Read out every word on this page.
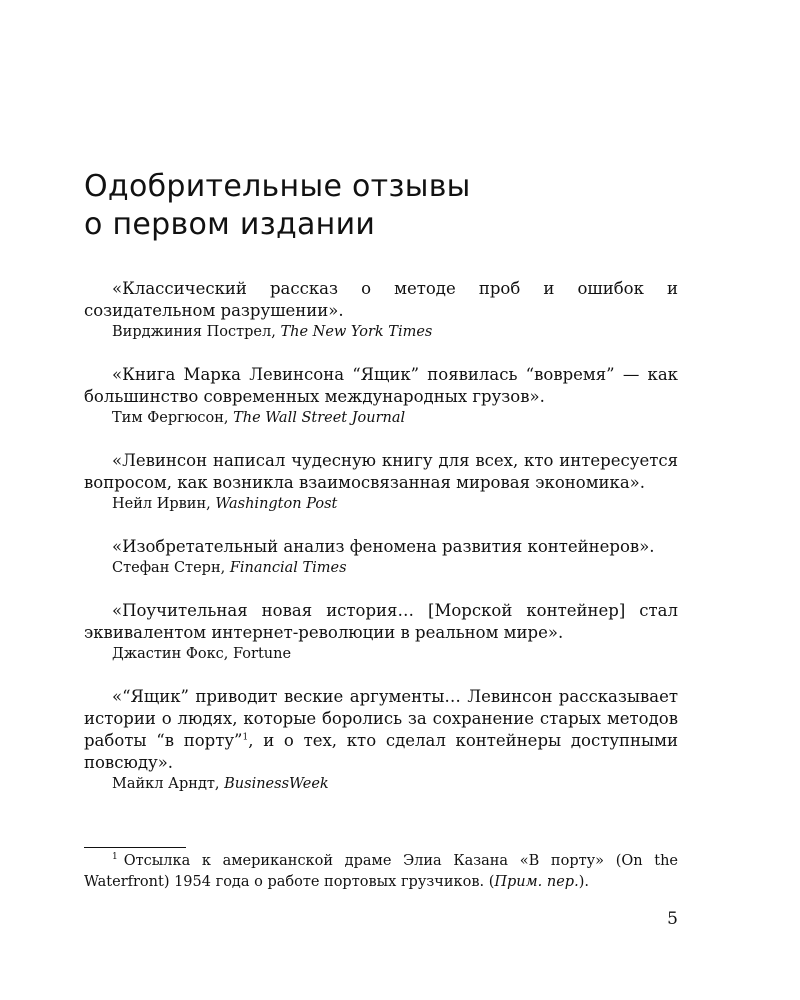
Одобрительные отзывы
о первом издании

«Классический рассказ о методе проб и ошибок и созидательном разрушении».

Вирджиния Пострел, The New York Times

«Книга Марка Левинсона “Ящик” появилась “вовремя” — как большинство современных международных грузов».

Тим Фергюсон, The Wall Street Journal

«Левинсон написал чудесную книгу для всех, кто интересуется вопросом, как возникла взаимосвязанная мировая экономика».

Нейл Ирвин, Washington Post

«Изобретательный анализ феномена развития контейнеров».

Стефан Стерн, Financial Times

«Поучительная новая история… [Морской контейнер] стал эквивалентом интернет-революции в реальном мире».

Джастин Фокс, Fortune

«“Ящик” приводит веские аргументы… Левинсон рассказывает истории о людях, которые боролись за сохранение старых методов работы “в порту”$^1$, и о тех, кто сделал контейнеры доступными повсюду».

Майкл Арндт, BusinessWeek

$^1$ Отсылка к американской драме Элиа Казана «В порту» (On the Waterfront) 1954 года о работе портовых грузчиков. (Прим. пер.).

5
